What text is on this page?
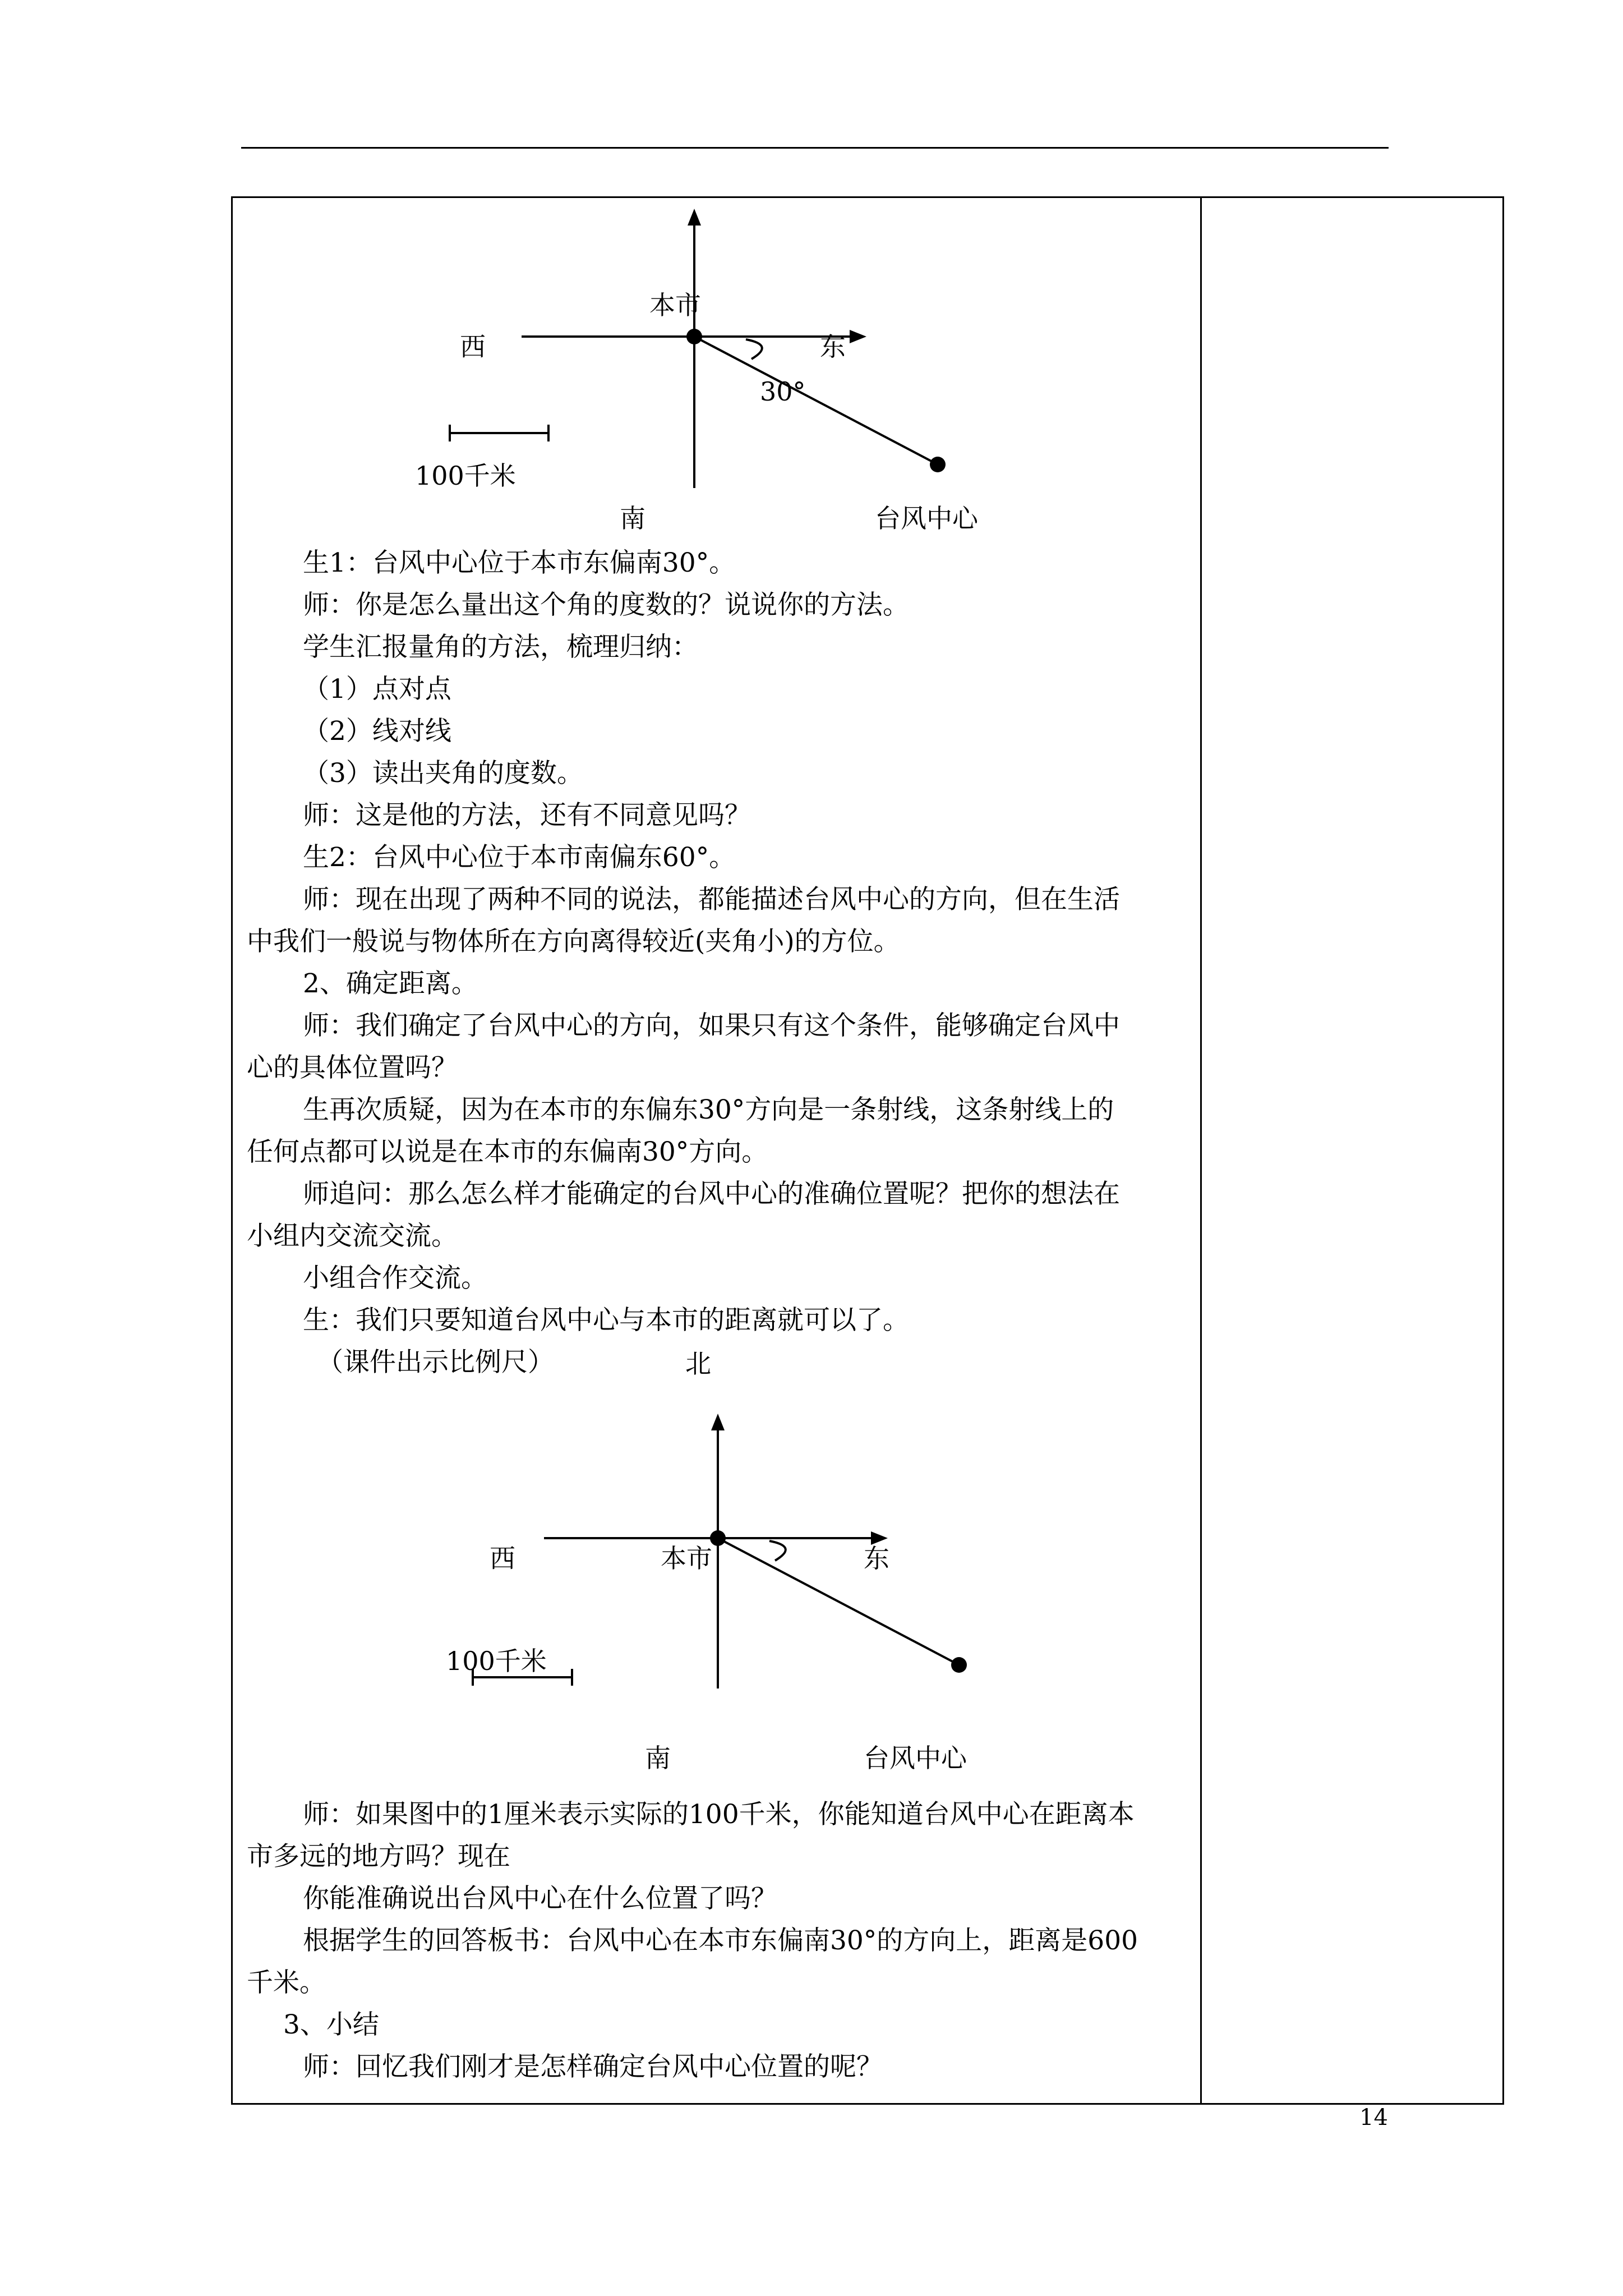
西
本市
东
30°
100千米
南	台风中心
生1：台风中心位于本市东偏南30°。
师：你是怎么量出这个角的度数的？说说你的方法。
学生汇报量角的方法，梳理归纳：
（1）点对点
（2）线对线
（3）读出夹角的度数。
师：这是他的方法，还有不同意见吗？
生2：台风中心位于本市南偏东60°。
师：现在出现了两种不同的说法，都能描述台风中心的方向，但在生活
中我们一般说与物体所在方向离得较近(夹角小)的方位。
2、确定距离。
师：我们确定了台风中心的方向，如果只有这个条件，能够确定台风中
心的具体位置吗？
生再次质疑，因为在本市的东偏东30°方向是一条射线，这条射线上的
任何点都可以说是在本市的东偏南30°方向。
师追问：那么怎么样才能确定的台风中心的准确位置呢？把你的想法在
小组内交流交流。
小组合作交流。
生：我们只要知道台风中心与本市的距离就可以了。
（课件出示比例尺）	北
西	本市	东
100千米
南	台风中心
师：如果图中的1厘米表示实际的100千米，你能知道台风中心在距离本
市多远的地方吗？现在
你能准确说出台风中心在什么位置了吗？
根据学生的回答板书：台风中心在本市东偏南30°的方向上，距离是600
千米。
3、小结
师：回忆我们刚才是怎样确定台风中心位置的呢？
14
